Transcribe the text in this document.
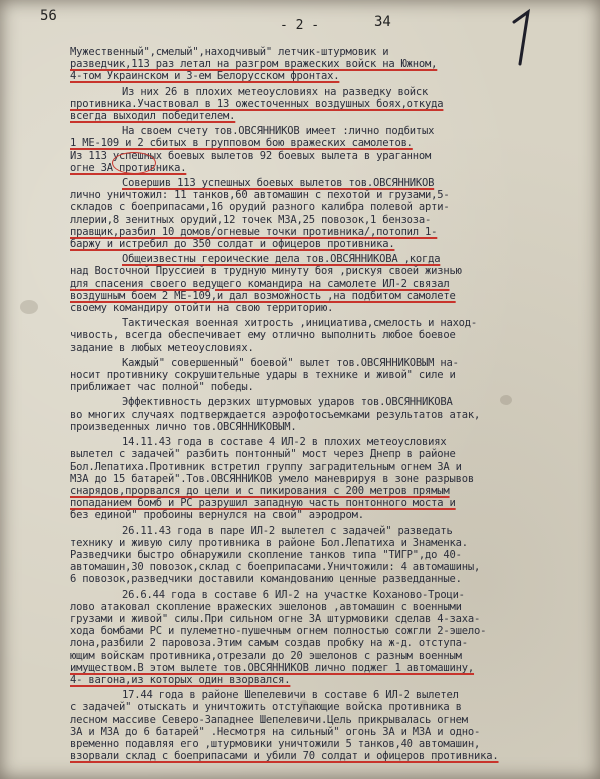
56
- 2 -	34
Мужественный",смелый",находчивый" летчик-штурмовик и
разведчик,113 раз летал на разгром вражеских войск на Южном,
4-том Украинском и 3-ем Белорусском фронтах.
Из них 26 в плохих метеоусловиях на разведку войск
противника.Участвовал в 13 ожесточенных воздушных боях,откуда
всегда выходил победителем.
На своем счету тов.ОВСЯННИКОВ имеет :лично подбитых
1 МЕ-109 и 2 сбитых в групповом бою вражеских самолетов.
Из 113 успешных боевых вылетов 92 боевых вылета в ураганном
огне ЗА противника.
Совершив 113 успешных боевых вылетов тов.ОВСЯННИКОВ
лично уничтожил: 11 танков,60 автомашин с пехотой и грузами,5-
складов с боеприпасами,16 орудий разного калибра полевой арти-
ллерии,8 зенитных орудий,12 точек МЗА,25 повозок,1 бензоза-
правщик,разбил 10 домов/огневые точки противника/,потопил 1-
баржу и истребил до 350 солдат и офицеров противника.
Общеизвестны героические дела тов.ОВСЯННИКОВА ,когда
над Восточной Пруссией в трудную минуту боя ,рискуя своей жизнью
для спасения своего ведущего командира на самолете ИЛ-2 связал
воздушным боем 2 МЕ-109,и дал возможность ,на подбитом самолете
своему командиру отойти на свою территорию.
Тактическая военная хитрость ,инициатива,смелость и наход-
чивость, всегда обеспечивает ему отлично выполнить любое боевое
задание в любых метеоусловиях.
Каждый" совершенный" боевой" вылет тов.ОВСЯННИКОВЫМ на-
носит противнику сокрушительные удары в технике и живой" силе и
приближает час полной" победы.
Эффективность дерзких штурмовых ударов тов.ОВСЯННИКОВА
во многих случаях подтверждается аэрофотосъемками результатов атак,
произведенных лично тов.ОВСЯННИКОВЫМ.
14.11.43 года в составе 4 ИЛ-2 в плохих метеоусловиях
вылетел с задачей" разбить понтонный" мост через Днепр в районе
Бол.Лепатиха.Противник встретил группу заградительным огнем ЗА и
МЗА до 15 батарей".Тов.ОВСЯННИКОВ умело маневрируя в зоне разрывов
снарядов,прорвался до цели и с пикирования с 200 метров прямым
попаданием бомб и РС разрушил западную часть понтонного моста и
без единой" пробоины вернулся на свой" аэродром.
26.11.43 года в паре ИЛ-2 вылетел с задачей" разведать
технику и живую силу противника в районе Бол.Лепатиха и Знаменка.
Разведчики быстро обнаружили скопление танков типа "ТИГР",до 40-
автомашин,30 повозок,склад с боеприпасами.Уничтожили: 4 автомашины,
6 повозок,разведчики доставили командованию ценные разведданные.
26.6.44 года в составе 6 ИЛ-2 на участке Коханово-Троци-
лово атаковал скопление вражеских эшелонов ,автомашин с военными
грузами и живой" силы.При сильном огне ЗА штурмовики сделав 4-заха-
хода бомбами РС и пулеметно-пушечным огнем полностью сожгли 2-эшело-
лона,разбили 2 паровоза.Этим самым создав пробку на ж-д. отступа-
ющим войскам противника,отрезали до 20 эшелонов с разным военным
имуществом.В этом вылете тов.ОВСЯННИКОВ лично поджег 1 автомашину,
4- вагона,из которых один взорвался.
17.44 года в районе Шепелевичи в составе 6 ИЛ-2 вылетел
с задачей" отыскать и уничтожить отступающие войска противника в
лесном массиве Северо-Западнее Шепелевичи.Цель прикрывалась огнем
ЗА и МЗА до 6 батарей" .Несмотря на сильный" огонь ЗА и МЗА и одно-
временно подавляя его ,штурмовики уничтожили 5 танков,40 автомашин,
взорвали склад с боеприпасами и убили 70 солдат и офицеров противника.
